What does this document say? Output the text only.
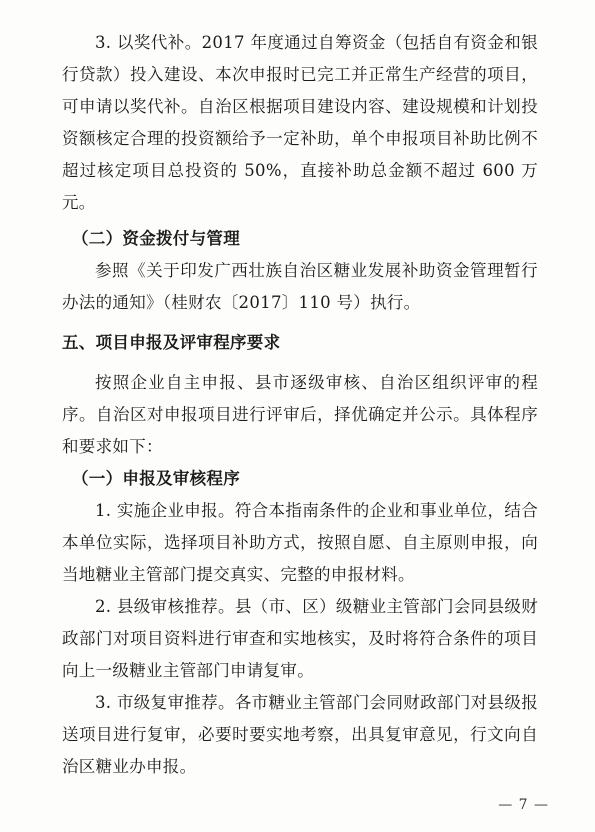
3. 以奖代补。2017 年度通过自筹资金（包括自有资金和银行贷款）投入建设、本次申报时已完工并正常生产经营的项目，可申请以奖代补。自治区根据项目建设内容、建设规模和计划投资额核定合理的投资额给予一定补助，单个申报项目补助比例不超过核定项目总投资的 50%，直接补助总金额不超过 600 万元。

（二）资金拨付与管理

参照《关于印发广西壮族自治区糖业发展补助资金管理暂行办法的通知》（桂财农〔2017〕110 号）执行。

五、项目申报及评审程序要求

按照企业自主申报、县市逐级审核、自治区组织评审的程序。自治区对申报项目进行评审后，择优确定并公示。具体程序和要求如下：

（一）申报及审核程序

1. 实施企业申报。符合本指南条件的企业和事业单位，结合本单位实际，选择项目补助方式，按照自愿、自主原则申报，向当地糖业主管部门提交真实、完整的申报材料。

2. 县级审核推荐。县（市、区）级糖业主管部门会同县级财政部门对项目资料进行审查和实地核实，及时将符合条件的项目向上一级糖业主管部门申请复审。

3. 市级复审推荐。各市糖业主管部门会同财政部门对县级报送项目进行复审，必要时要实地考察，出具复审意见，行文向自治区糖业办申报。

— 7 —
